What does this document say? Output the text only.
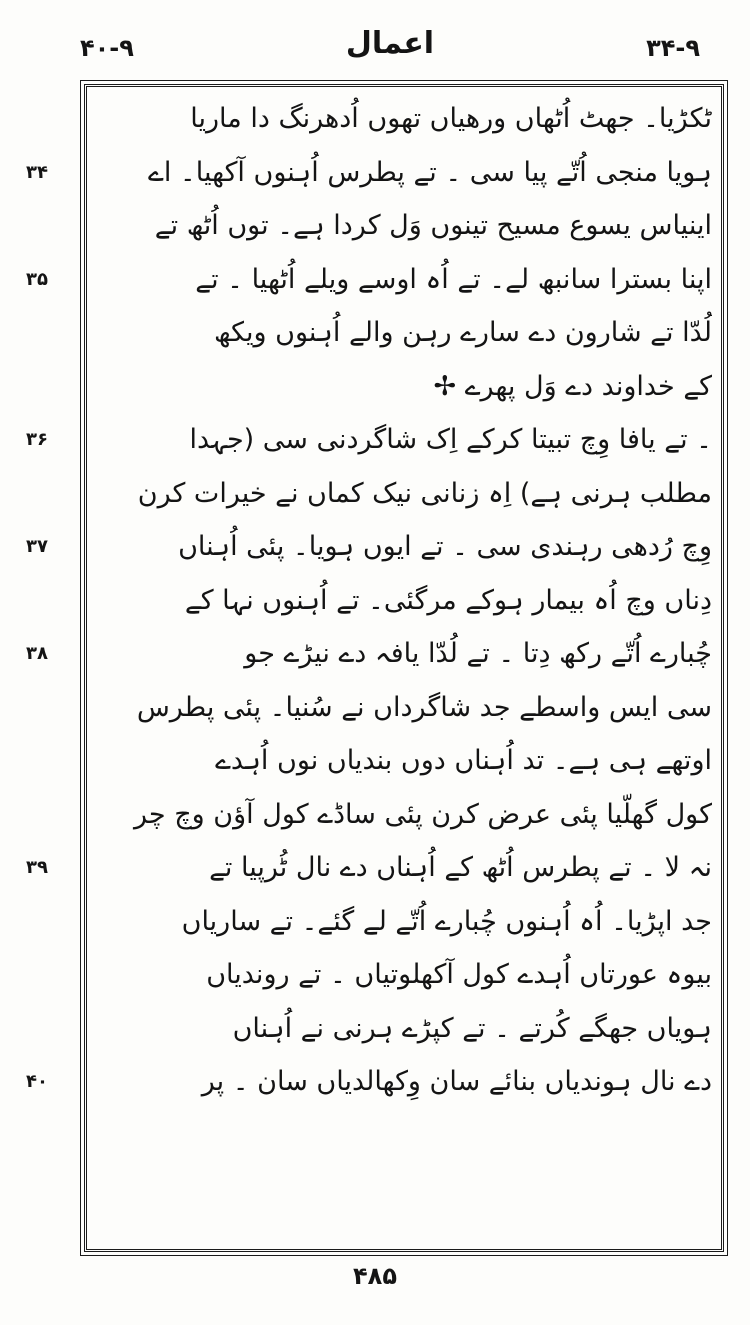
۴۰-۹	اعمال	۳۴-۹
ٹکڑیا۔ جھٹ اُٹھاں ورھیاں تھوں اُدھرنگ دا ماریا
ہویا منجی اُتّے پیا سی ۔ تے پطرس اُہنوں آکھیا۔ اے
اینیاس یسوع مسیح تینوں وَل کردا ہے۔ توں اُٹھ تے
اپنا بسترا سانبھ لے۔ تے اُہ اوسے ویلے اُٹھیا ۔ تے
لُدّا تے شارون دے سارے رہن والے اُہنوں ویکھ
کے خداوند دے وَل پھرے ✢
۔ تے یافا وِچ تبیتا کرکے اِک شاگردنی سی (جہدا
مطلب ہرنی ہے) اِہ زنانی نیک کماں نے خیرات کرن
وِچ رُدھی رہندی سی ۔ تے ایوں ہویا۔ پئی اُہناں
دِناں وچ اُہ بیمار ہوکے مرگئی۔ تے اُہنوں نہا کے
چُبارے اُتّے رکھ دِتا ۔ تے لُدّا یافہ دے نیڑے جو
سی ایس واسطے جد شاگرداں نے سُنیا۔ پئی پطرس
اوتھے ہی ہے۔ تد اُہناں دوں بندیاں نوں اُہدے
کول گھلّیا پئی عرض کرن پئی ساڈے کول آؤن وچ چر
نہ لا ۔ تے پطرس اُٹھ کے اُہناں دے نال ٹُرپیا تے
جد اپڑیا۔ اُہ اُہنوں چُبارے اُتّے لے گئے۔ تے ساریاں
بیوہ عورتاں اُہدے کول آکھلوتیاں ۔ تے روندیاں
ہویاں جھگے کُرتے ۔ تے کپڑے ہرنی نے اُہناں
دے نال ہوندیاں بنائے سان وِکھالدیاں سان ۔ پر
۳۴
۳۵
۳۶
۳۷
۳۸
۳۹
۴۰
۴۸۵
